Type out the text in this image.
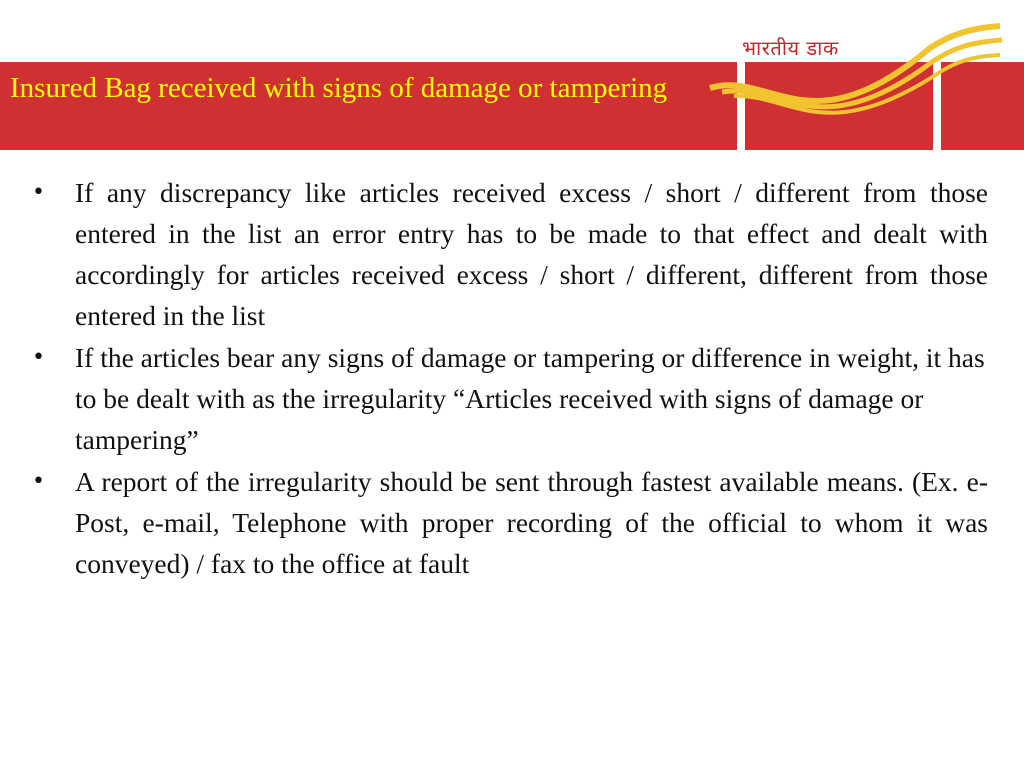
भारतीय डाक
Insured Bag received with signs of damage or tampering
• If any discrepancy like articles received excess / short / different from those entered in the list an error entry has to be made to that effect and dealt with accordingly for articles received excess / short / different, different from those entered in the list
• If the articles bear any signs of damage or tampering or difference in weight, it has to be dealt with as the irregularity “Articles received with signs of damage or tampering”
• A report of the irregularity should be sent through fastest available means. (Ex. e-Post, e-mail, Telephone with proper recording of the official to whom it was conveyed) / fax to the office at fault
